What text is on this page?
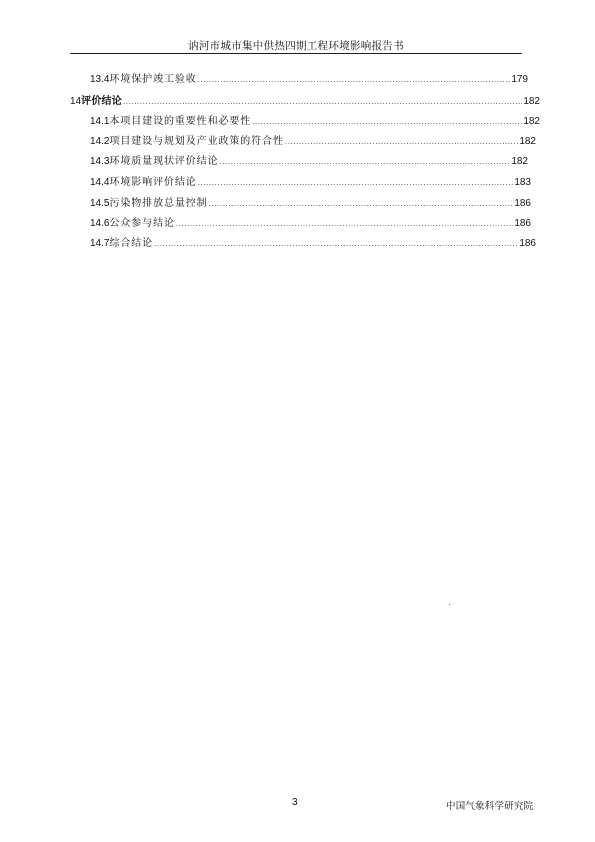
讷河市城市集中供热四期工程环境影响报告书
13.4 环境保护竣工验收 .....	179
14 评价结论 .....	182
14.1 本项目建设的重要性和必要性 .....	182
14.2 项目建设与规划及产业政策的符合性 .....	182
14.3 环境质量现状评价结论 .....	182
14.4 环境影响评价结论 .....	183
14.5 污染物排放总量控制 .....	186
14.6 公众参与结论 .....	186
14.7 综合结论 .....	186
3	中国气象科学研究院
